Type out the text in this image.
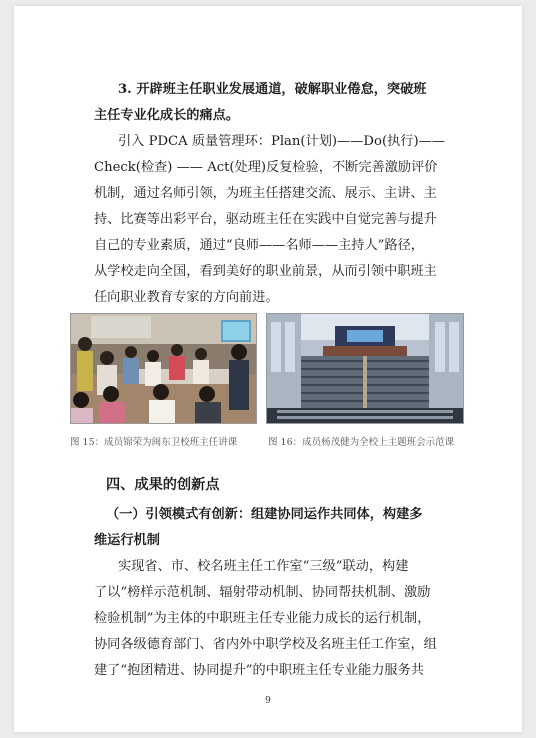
3. 开辟班主任职业发展通道，破解职业倦怠，突破班
主任专业化成长的痛点。
引入 PDCA 质量管理环：Plan(计划)——Do(执行)——
Check(检查) —— Act(处理)反复检验，不断完善激励评价
机制，通过名师引领，为班主任搭建交流、展示、主讲、主
持、比赛等出彩平台，驱动班主任在实践中自觉完善与提升
自己的专业素质，通过“良师——名师——主持人”路径，
从学校走向全国，看到美好的职业前景，从而引领中职班主
任向职业教育专家的方向前进。
图 15：成员锦荣为闽东卫校班主任讲课	图 16：成员杨茂健为全校上主题班会示范课
四、成果的创新点
（一）引领模式有创新：组建协同运作共同体，构建多
维运行机制
实现省、市、校名班主任工作室“三级”联动，构建
了以“榜样示范机制、辐射带动机制、协同帮扶机制、激励
检验机制”为主体的中职班主任专业能力成长的运行机制，
协同各级德育部门、省内外中职学校及名班主任工作室，组
建了“抱团精进、协同提升”的中职班主任专业能力服务共
9
